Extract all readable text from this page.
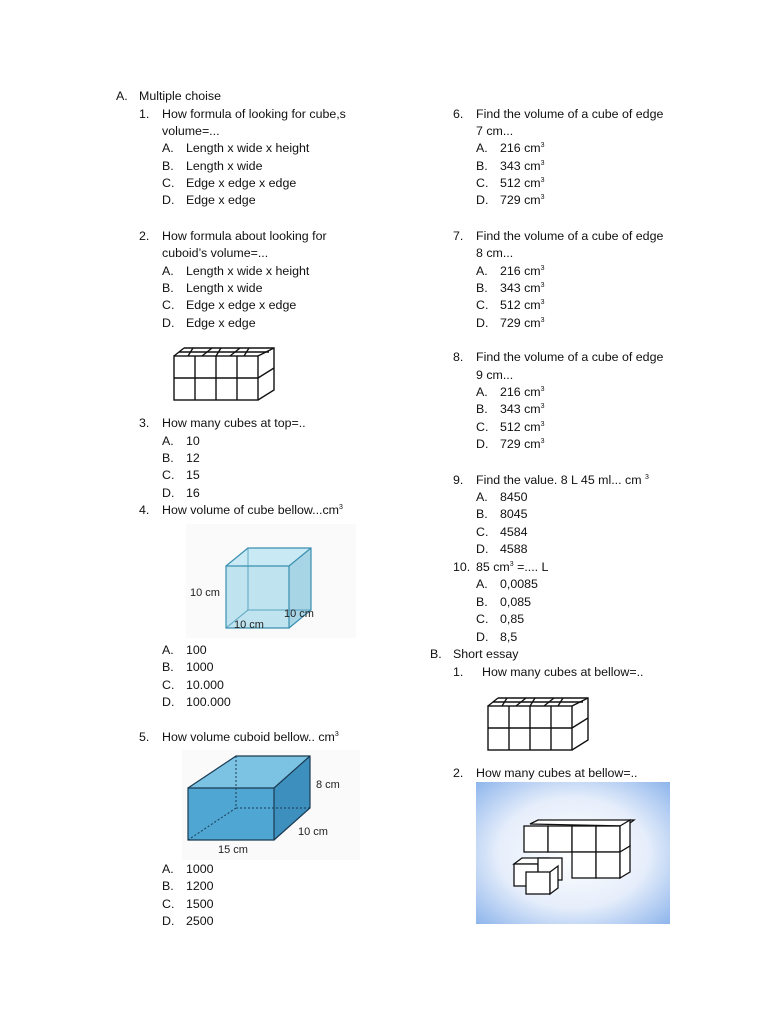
A. Multiple choise
1. How formula of looking for cube,s
volume=...
A. Length x wide x height
B. Length x wide
C. Edge x edge x edge
D. Edge x edge
2. How formula about looking for
cuboid’s volume=...
A. Length x wide x height
B. Length x wide
C. Edge x edge x edge
D. Edge x edge
3. How many cubes at top=..
A. 10
B. 12
C. 15
D. 16
4. How volume of cube $bellow...cm^3$
10 cm
10 cm
10 cm
A. 100
B. 1000
C. 10.000
D. 100.000
5. How volume cuboid bellow.. $cm^3$
8 cm
10 cm
15 cm
A. 1000
B. 1200
C. 1500
D. 2500
6. Find the volume of a cube of edge
7 cm...
A. 216 $cm^3$
B. 343 $cm^3$
C. 512 $cm^3$
D. 729 $cm^3$
7. Find the volume of a cube of edge
8 cm...
A. 216 $cm^3$
B. 343 $cm^3$
C. 512 $cm^3$
D. 729 $cm^3$
8. Find the volume of a cube of edge
9 cm...
A. 216 $cm^3$
B. 343 $cm^3$
C. 512 $cm^3$
D. 729 $cm^3$
9. Find the value. 8 L 45 ml... cm $^3$
A. 8450
B. 8045
C. 4584
D. 4588
10. 85 $cm^3$ =.... L
A. 0,0085
B. 0,085
C. 0,85
D. 8,5
B. Short essay
1. How many cubes at bellow=..
2. How many cubes at bellow=..
